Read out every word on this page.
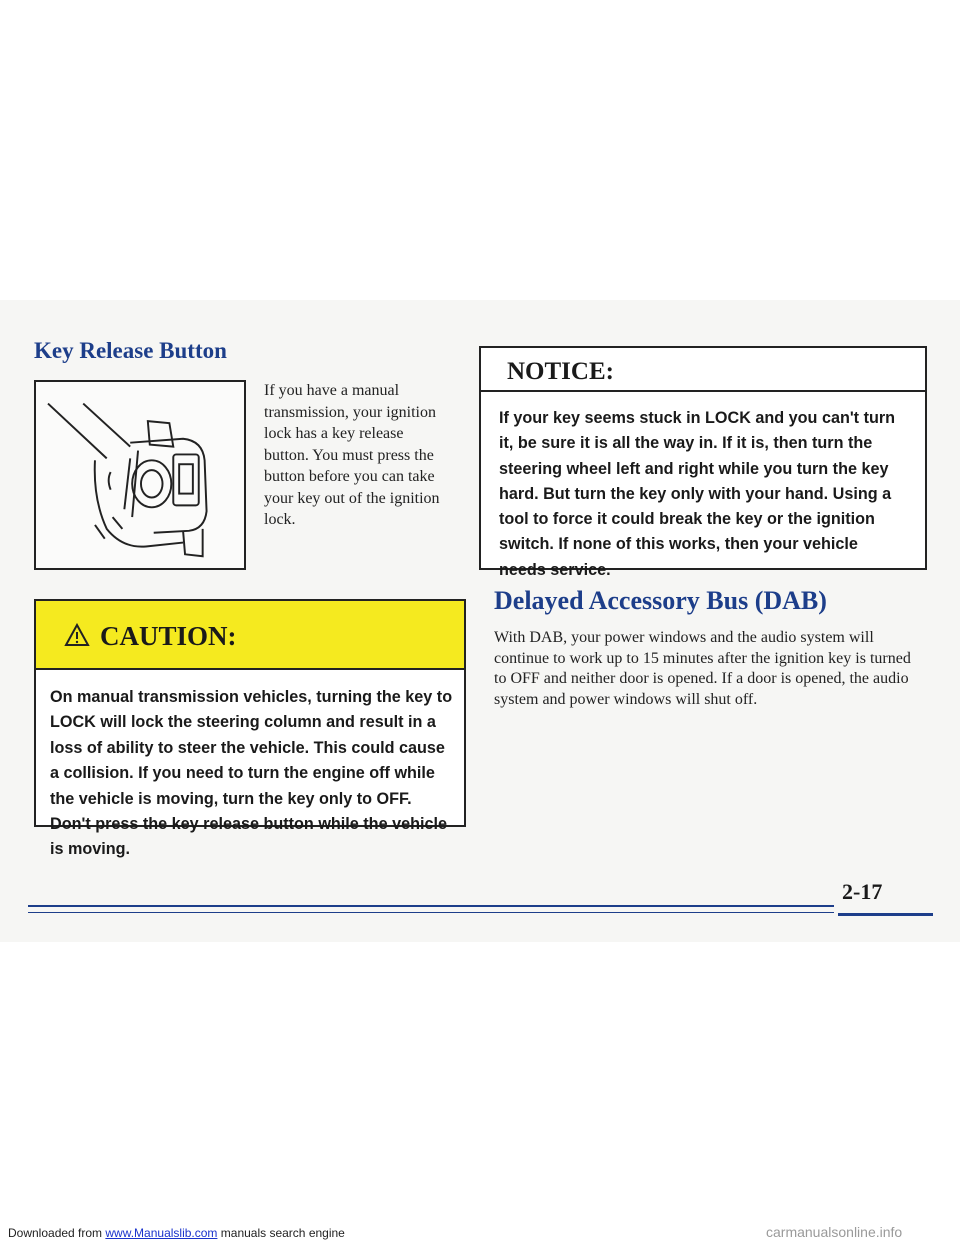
Key Release Button

If you have a manual transmission, your ignition lock has a key release button. You must press the button before you can take your key out of the ignition lock.

NOTICE:

If your key seems stuck in LOCK and you can't turn it, be sure it is all the way in. If it is, then turn the steering wheel left and right while you turn the key hard. But turn the key only with your hand. Using a tool to force it could break the key or the ignition switch. If none of this works, then your vehicle needs service.

CAUTION:

On manual transmission vehicles, turning the key to LOCK will lock the steering column and result in a loss of ability to steer the vehicle. This could cause a collision. If you need to turn the engine off while the vehicle is moving, turn the key only to OFF. Don't press the key release button while the vehicle is moving.

Delayed Accessory Bus (DAB)

With DAB, your power windows and the audio system will continue to work up to 15 minutes after the ignition key is turned to OFF and neither door is opened. If a door is opened, the audio system and power windows will shut off.

2-17
Downloaded from www.Manualslib.com manuals search engine	carmanualsonline.info
